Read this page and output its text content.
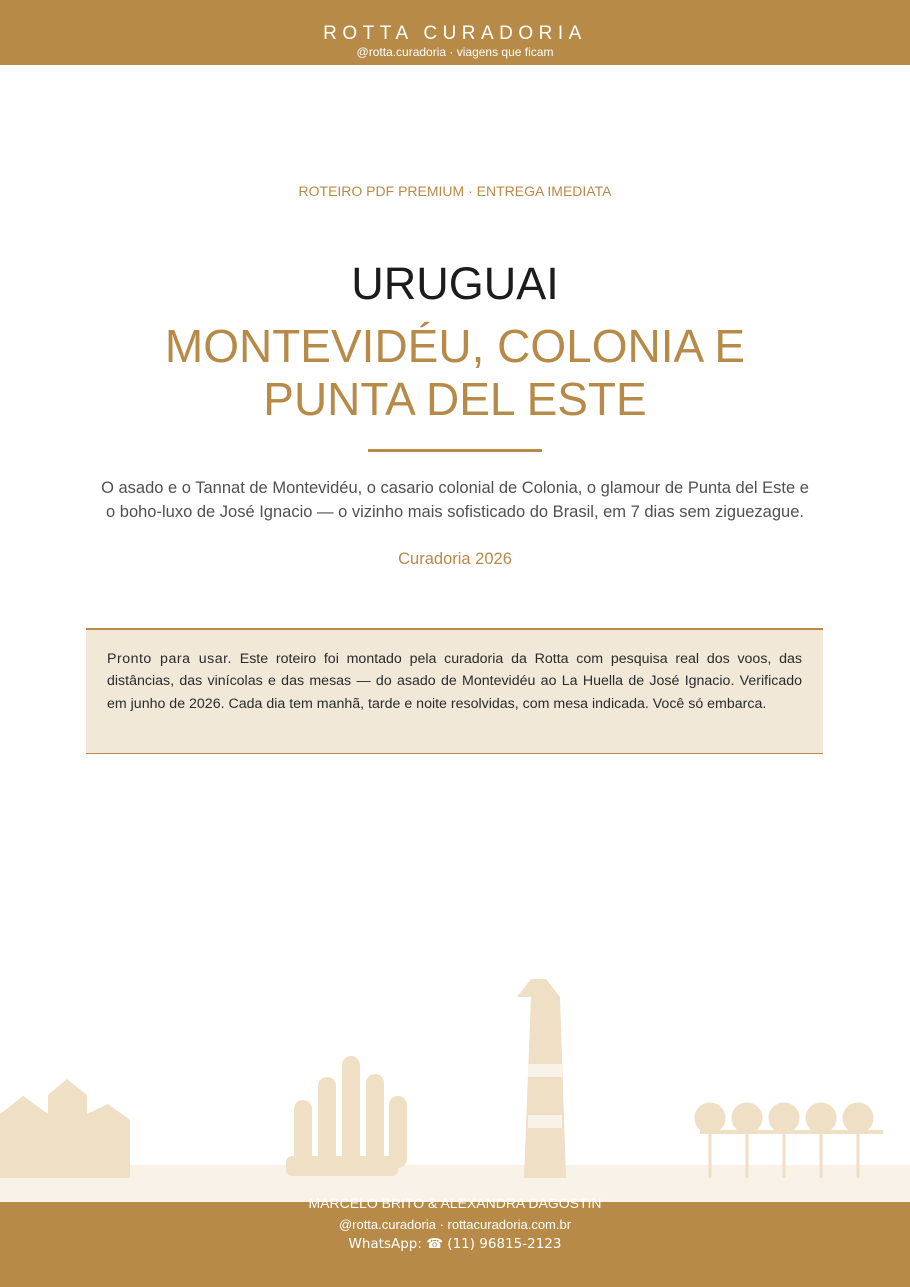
ROTTA CURADORIA
@rotta.curadoria · viagens que ficam
ROTEIRO PDF PREMIUM · ENTREGA IMEDIATA
URUGUAI
MONTEVIDÉU, COLONIA E PUNTA DEL ESTE

O asado e o Tannat de Montevidéu, o casario colonial de Colonia, o glamour de Punta del Este e o boho-luxo de José Ignacio — o vizinho mais sofisticado do Brasil, em 7 dias sem ziguezague.

Curadoria 2026
Pronto para usar. Este roteiro foi montado pela curadoria da Rotta com pesquisa real dos voos, das distâncias, das vinícolas e das mesas — do asado de Montevidéu ao La Huella de José Ignacio. Verificado em junho de 2026. Cada dia tem manhã, tarde e noite resolvidas, com mesa indicada. Você só embarca.
MARCELO BRITO & ALEXANDRA DAGOSTIN
@rotta.curadoria · rottacuradoria.com.br
WhatsApp: ☎ (11) 96815-2123
